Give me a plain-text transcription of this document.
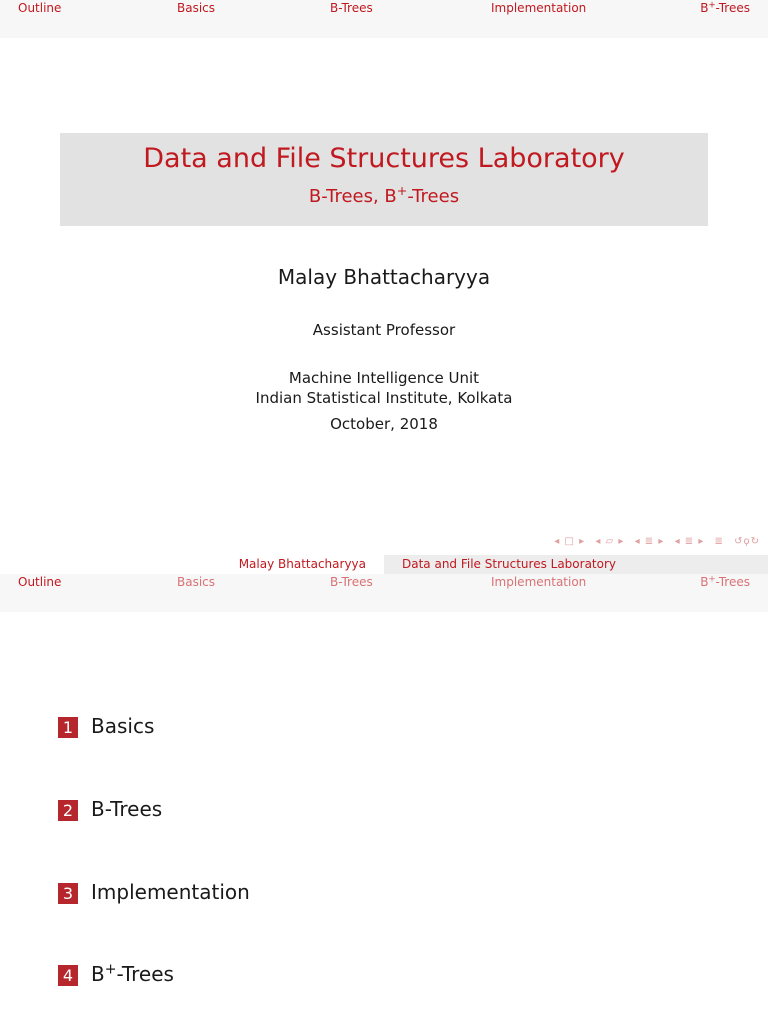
Outline	Basics	B-Trees	Implementation	B+-Trees
Data and File Structures Laboratory
B-Trees, B+-Trees
Malay Bhattacharyya
Assistant Professor
Machine Intelligence Unit
Indian Statistical Institute, Kolkata
October, 2018
◂ □ ▸ ◂ ▱ ▸ ◂ ≣ ▸ ◂ ≣ ▸ ≣ ↺ϙ↻
Malay Bhattacharyya	Data and File Structures Laboratory
Outline	Basics	B-Trees	Implementation	B+-Trees
1 Basics
2 B-Trees
3 Implementation
4 B+-Trees
